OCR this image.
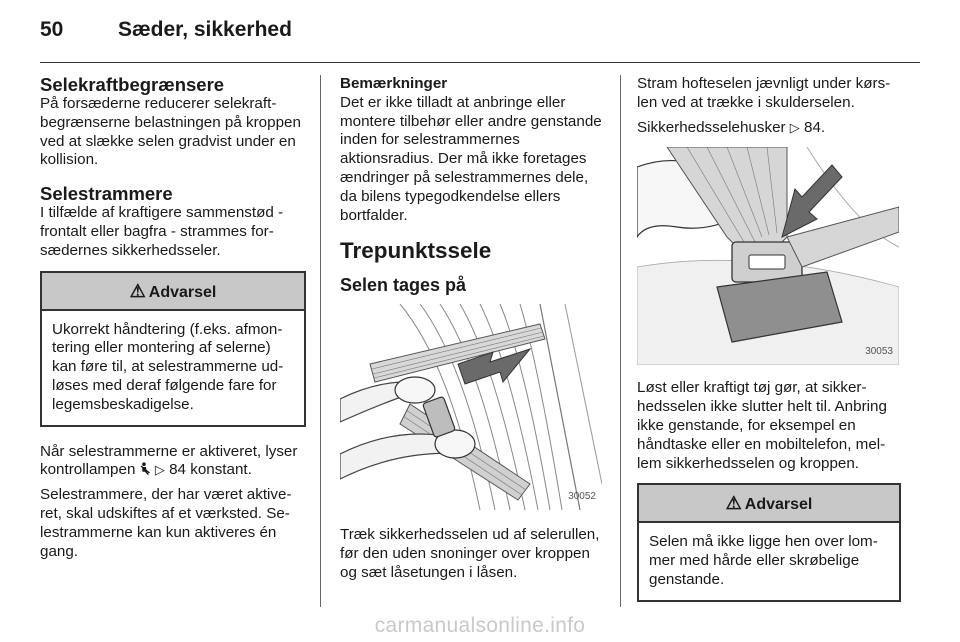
50	Sæder, sikkerhed
Selekraftbegrænsere

På forsæderne reducerer selekraftbegrænserne belastningen på kroppen ved at slække selen gradvist under en kollision.

Selestrammere

I tilfælde af kraftigere sammenstød - frontalt eller bagfra - strammes forsædernes sikkerhedsseler.

⚠ Advarsel
Ukorrekt håndtering (f.eks. afmontering eller montering af selerne) kan føre til, at selestrammerne udløses med deraf følgende fare for legemsbeskadigelse.

Når selestrammerne er aktiveret, lyser kontrollampen  ▷ 84 konstant.

Selestrammere, der har været aktiveret, skal udskiftes af et værksted. Selestrammerne kan kun aktiveres én gang.

Bemærkninger

Det er ikke tilladt at anbringe eller montere tilbehør eller andre genstande inden for selestrammernes aktionsradius. Der må ikke foretages ændringer på selestrammernes dele, da bilens typegodkendelse ellers bortfalder.

Trepunktssele
Selen tages på
30052

Træk sikkerhedsselen ud af selerullen, før den uden snoninger over kroppen og sæt låsetungen i låsen.

Stram hofteselen jævnligt under kørslen ved at trække i skulderselen.

Sikkerhedsselehusker ▷ 84.

30053

Løst eller kraftigt tøj gør, at sikkerhedsselen ikke slutter helt til. Anbring ikke genstande, for eksempel en håndtaske eller en mobiltelefon, mellem sikkerhedsselen og kroppen.

⚠ Advarsel
Selen må ikke ligge hen over lommer med hårde eller skrøbelige genstande.
carmanualsonline.info
